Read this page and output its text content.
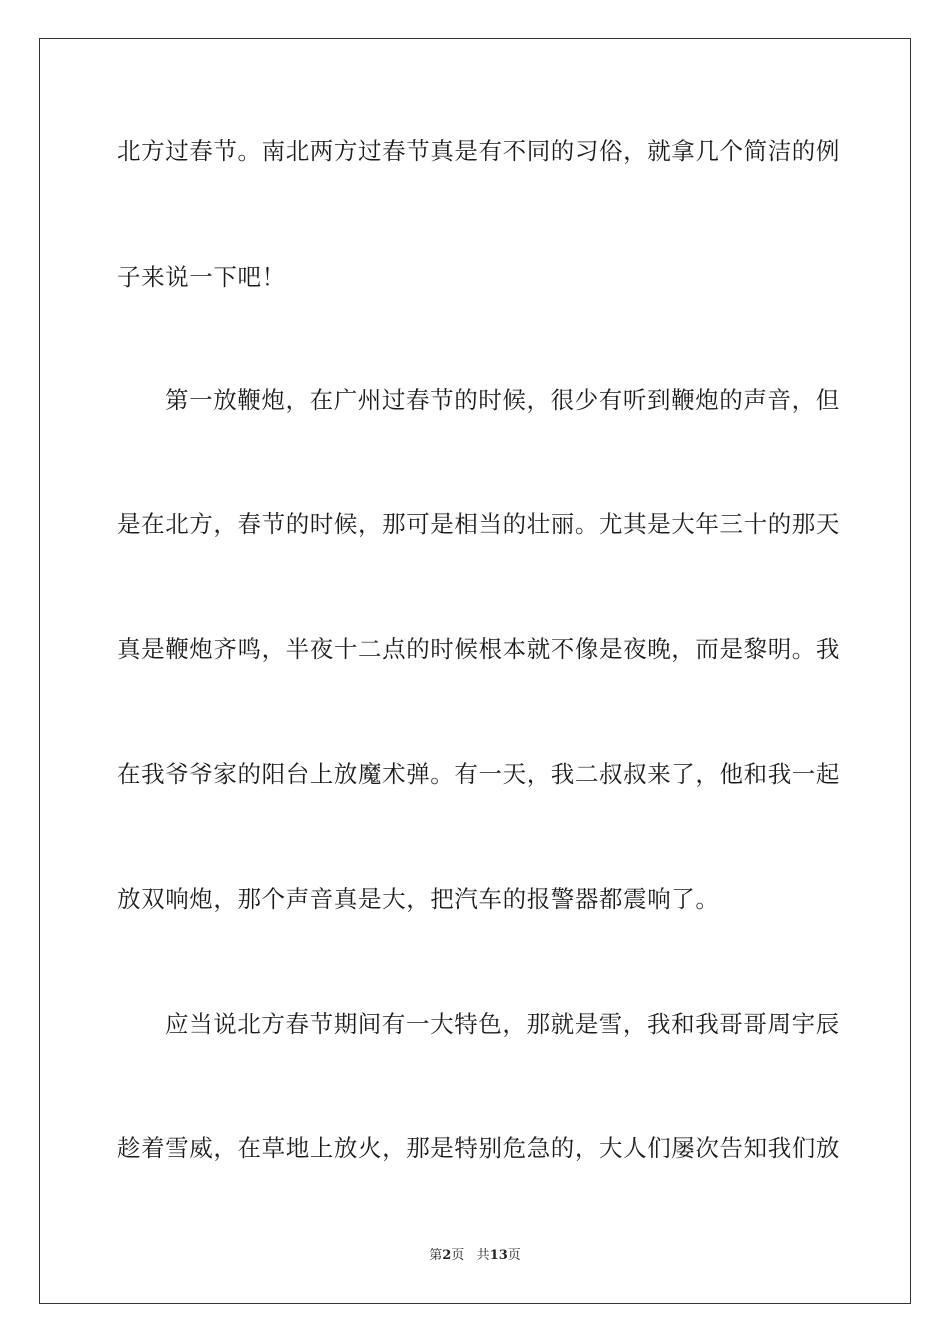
北方过春节。南北两方过春节真是有不同的习俗，就拿几个简洁的例
子来说一下吧！
第一放鞭炮，在广州过春节的时候，很少有听到鞭炮的声音，但
是在北方，春节的时候，那可是相当的壮丽。尤其是大年三十的那天
真是鞭炮齐鸣，半夜十二点的时候根本就不像是夜晚，而是黎明。我
在我爷爷家的阳台上放魔术弹。有一天，我二叔叔来了，他和我一起
放双响炮，那个声音真是大，把汽车的报警器都震响了。
应当说北方春节期间有一大特色，那就是雪，我和我哥哥周宇辰
趁着雪威，在草地上放火，那是特别危急的，大人们屡次告知我们放
第2页 共13页
